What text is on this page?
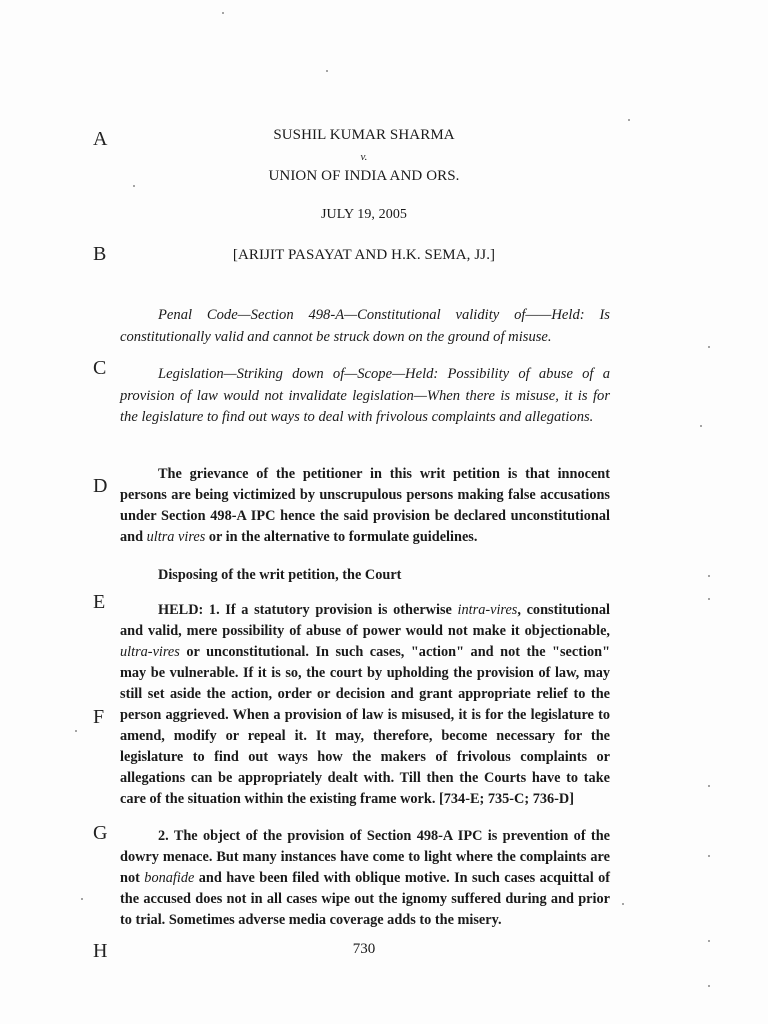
A
B
C
D
E
F
G
H
SUSHIL KUMAR SHARMA
v.
UNION OF INDIA AND ORS.
JULY 19, 2005
[ARIJIT PASAYAT AND H.K. SEMA, JJ.]
Penal Code—Section 498-A—Constitutional validity of——Held: Is constitutionally valid and cannot be struck down on the ground of misuse.
Legislation—Striking down of—Scope—Held: Possibility of abuse of a provision of law would not invalidate legislation—When there is misuse, it is for the legislature to find out ways to deal with frivolous complaints and allegations.
The grievance of the petitioner in this writ petition is that innocent persons are being victimized by unscrupulous persons making false accusations under Section 498-A IPC hence the said provision be declared unconstitutional and ultra vires or in the alternative to formulate guidelines.
Disposing of the writ petition, the Court
HELD: 1. If a statutory provision is otherwise intra-vires, constitutional and valid, mere possibility of abuse of power would not make it objectionable, ultra-vires or unconstitutional. In such cases, "action" and not the "section" may be vulnerable. If it is so, the court by upholding the provision of law, may still set aside the action, order or decision and grant appropriate relief to the person aggrieved. When a provision of law is misused, it is for the legislature to amend, modify or repeal it. It may, therefore, become necessary for the legislature to find out ways how the makers of frivolous complaints or allegations can be appropriately dealt with. Till then the Courts have to take care of the situation within the existing frame work. [734-E; 735-C; 736-D]
2. The object of the provision of Section 498-A IPC is prevention of the dowry menace. But many instances have come to light where the complaints are not bonafide and have been filed with oblique motive. In such cases acquittal of the accused does not in all cases wipe out the ignomy suffered during and prior to trial. Sometimes adverse media coverage adds to the misery.
730
